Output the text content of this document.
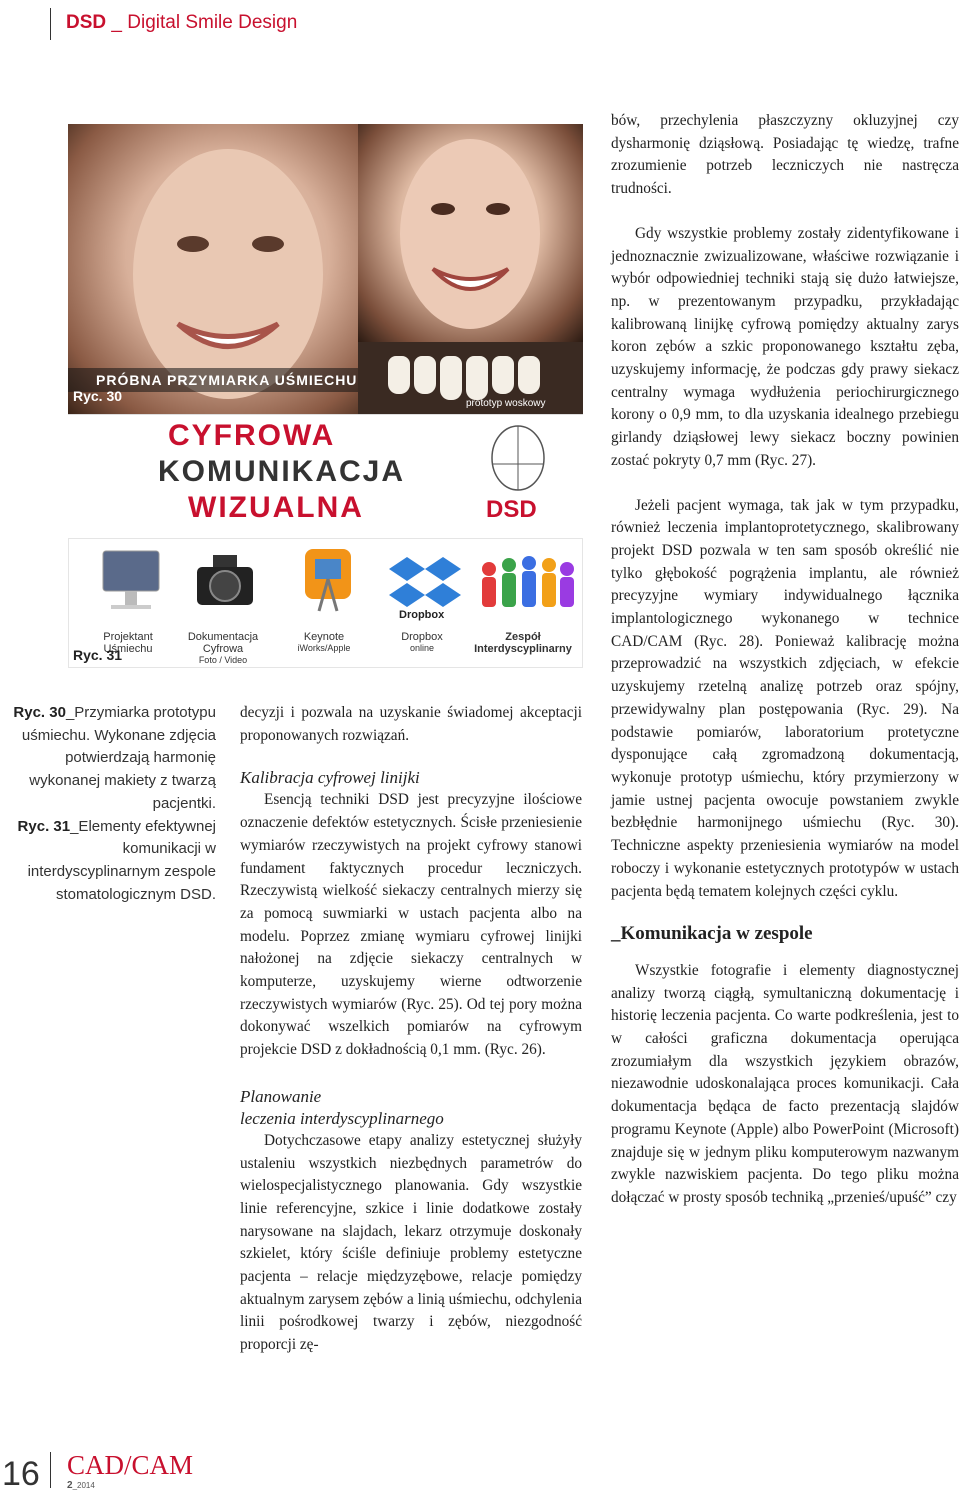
DSD _ Digital Smile Design
PRÓBNA PRZYMIARKA UŚMIECHU
Ryc. 30	prototyp woskowy
CYFROWA
KOMUNIKACJA
WIZUALNA	DSD
Dropbox
Projektant Uśmiechu
Dokumentacja Cyfrowa
Foto / Video
Keynote
iWorks/Apple
Dropbox
online
Zespół Interdyscyplinarny
Ryc. 31
Ryc. 30_Przymiarka prototypu uśmiechu. Wykonane zdjęcia potwierdzają harmonię wykonanej makiety z twarzą pacjentki.
Ryc. 31_Elementy efektywnej komunikacji w interdyscyplinarnym zespole stomatologicznym DSD.

decyzji i pozwala na uzyskanie świadomej akceptacji proponowanych rozwiązań.

Kalibracja cyfrowej linijki

Esencją techniki DSD jest precyzyjne ilościowe oznaczenie defektów estetycznych. Ścisłe przeniesienie wymiarów rzeczywistych na projekt cyfrowy stanowi fundament faktycznych procedur leczniczych. Rzeczywistą wielkość siekaczy centralnych mierzy się za pomocą suwmiarki w ustach pacjenta albo na modelu. Poprzez zmianę wymiaru cyfrowej linijki nałożonej na zdjęcie siekaczy centralnych w komputerze, uzyskujemy wierne odtworzenie rzeczywistych wymiarów (Ryc. 25). Od tej pory można dokonywać wszelkich pomiarów na cyfrowym projekcie DSD z dokładnością 0,1 mm. (Ryc. 26).

Planowanie
leczenia interdyscyplinarnego

Dotychczasowe etapy analizy estetycznej służyły ustaleniu wszystkich niezbędnych parametrów do wielospecjalistycznego planowania. Gdy wszystkie linie referencyjne, szkice i linie dodatkowe zostały narysowane na slajdach, lekarz otrzymuje doskonały szkielet, który ściśle definiuje problemy estetyczne pacjenta – relacje międzyzębowe, relacje pomiędzy aktualnym zarysem zębów a linią uśmiechu, odchylenia linii pośrodkowej twarzy i zębów, niezgodność proporcji zę-

bów, przechylenia płaszczyzny okluzyjnej czy dysharmonię dziąsłową. Posiadając tę wiedzę, trafne zrozumienie potrzeb leczniczych nie nastręcza trudności.

Gdy wszystkie problemy zostały zidentyfikowane i jednoznacznie zwizualizowane, właściwe rozwiązanie i wybór odpowiedniej techniki stają się dużo łatwiejsze, np. w prezentowanym przypadku, przykładając kalibrowaną linijkę cyfrową pomiędzy aktualny zarys koron zębów a szkic proponowanego kształtu zęba, uzyskujemy informację, że podczas gdy prawy siekacz centralny wymaga wydłużenia periochirurgicznego korony o 0,9 mm, to dla uzyskania idealnego przebiegu girlandy dziąsłowej lewy siekacz boczny powinien zostać pokryty 0,7 mm (Ryc. 27).

Jeżeli pacjent wymaga, tak jak w tym przypadku, również leczenia implantoprotetycznego, skalibrowany projekt DSD pozwala w ten sam sposób określić nie tylko głębokość pogrążenia implantu, ale również precyzyjne wymiary indywidualnego łącznika implantologicznego wykonanego w technice CAD/CAM (Ryc. 28). Ponieważ kalibrację można przeprowadzić na wszystkich zdjęciach, w efekcie uzyskujemy rzetelną analizę potrzeb oraz spójny, przewidywalny plan postępowania (Ryc. 29). Na podstawie pomiarów, laboratorium protetyczne dysponujące całą zgromadzoną dokumentacją, wykonuje prototyp uśmiechu, który przymierzony w jamie ustnej pacjenta owocuje powstaniem zwykle bezbłędnie harmonijnego uśmiechu (Ryc. 30). Techniczne aspekty przeniesienia wymiarów na model roboczy i wykonanie estetycznych prototypów w ustach pacjenta będą tematem kolejnych części cyklu.

_Komunikacja w zespole

Wszystkie fotografie i elementy diagnostycznej analizy tworzą ciągłą, symultaniczną dokumentację i historię leczenia pacjenta. Co warte podkreślenia, jest to w całości graficzna dokumentacja operująca zrozumiałym dla wszystkich językiem obrazów, niezawodnie udoskonalająca proces komunikacji. Cała dokumentacja będąca de facto prezentacją slajdów programu Keynote (Apple) albo PowerPoint (Microsoft) znajduje się w jednym pliku komputerowym nazwanym zwykle nazwiskiem pacjenta. Do tego pliku można dołączać w prosty sposób techniką „przenieś/upuść” czy

16 CAD/CAM
2_2014
